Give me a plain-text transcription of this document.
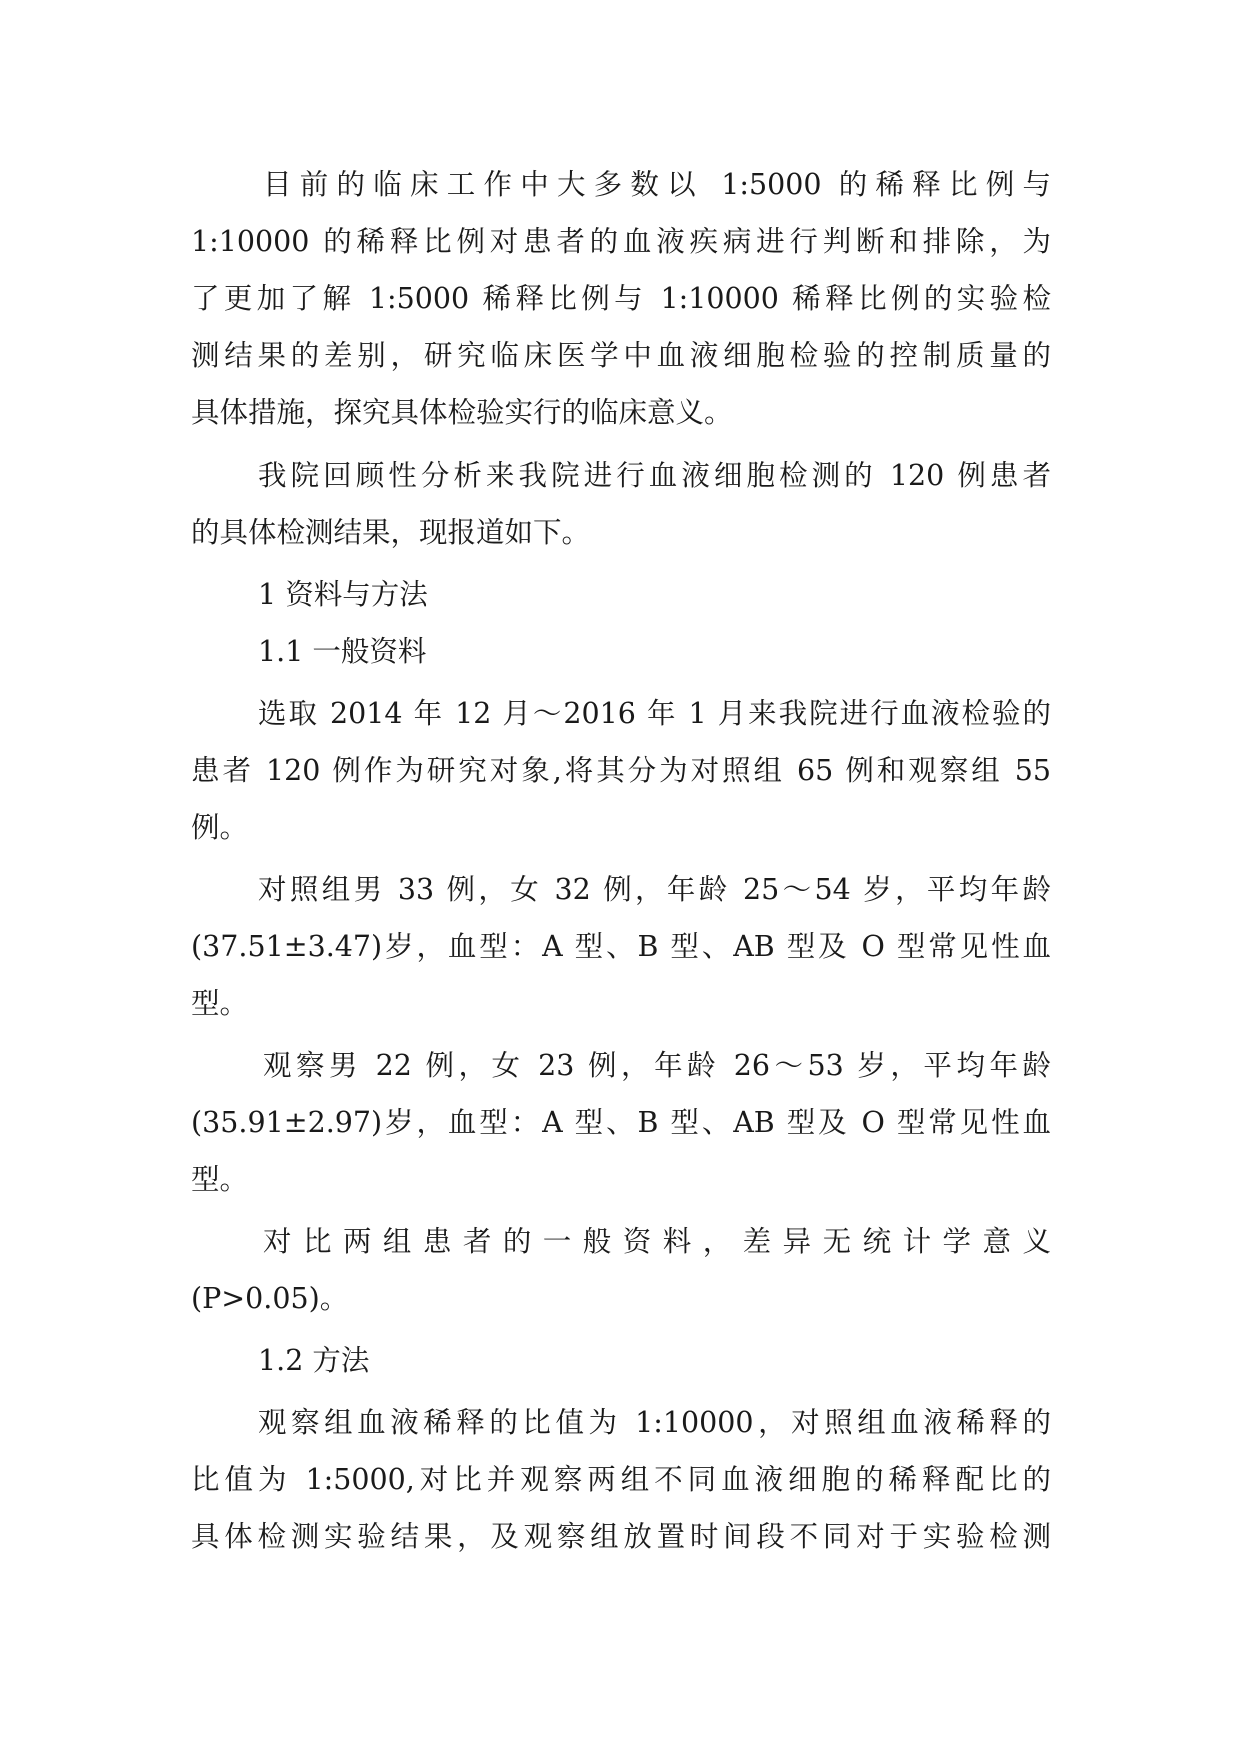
目前的临床工作中大多数以 1:5000 的稀释比例与
1:10000 的稀释比例对患者的血液疾病进行判断和排除，为
了更加了解 1:5000 稀释比例与 1:10000 稀释比例的实验检
测结果的差别，研究临床医学中血液细胞检验的控制质量的
具体措施，探究具体检验实行的临床意义。
我院回顾性分析来我院进行血液细胞检测的 120 例患者
的具体检测结果，现报道如下。
1 资料与方法
1.1 一般资料
选取 2014 年 12 月～2016 年 1 月来我院进行血液检验的
患者 120 例作为研究对象,将其分为对照组 65 例和观察组 55
例。
对照组男 33 例，女 32 例，年龄 25～54 岁，平均年龄
(37.51±3.47)岁，血型：A 型、B 型、AB 型及 O 型常见性血
型。
观察男 22 例，女 23 例，年龄 26～53 岁，平均年龄
(35.91±2.97)岁，血型：A 型、B 型、AB 型及 O 型常见性血
型。
对比两组患者的一般资料，差异无统计学意义
(P>0.05)。
1.2 方法
观察组血液稀释的比值为 1:10000，对照组血液稀释的
比值为 1:5000,对比并观察两组不同血液细胞的稀释配比的
具体检测实验结果，及观察组放置时间段不同对于实验检测
